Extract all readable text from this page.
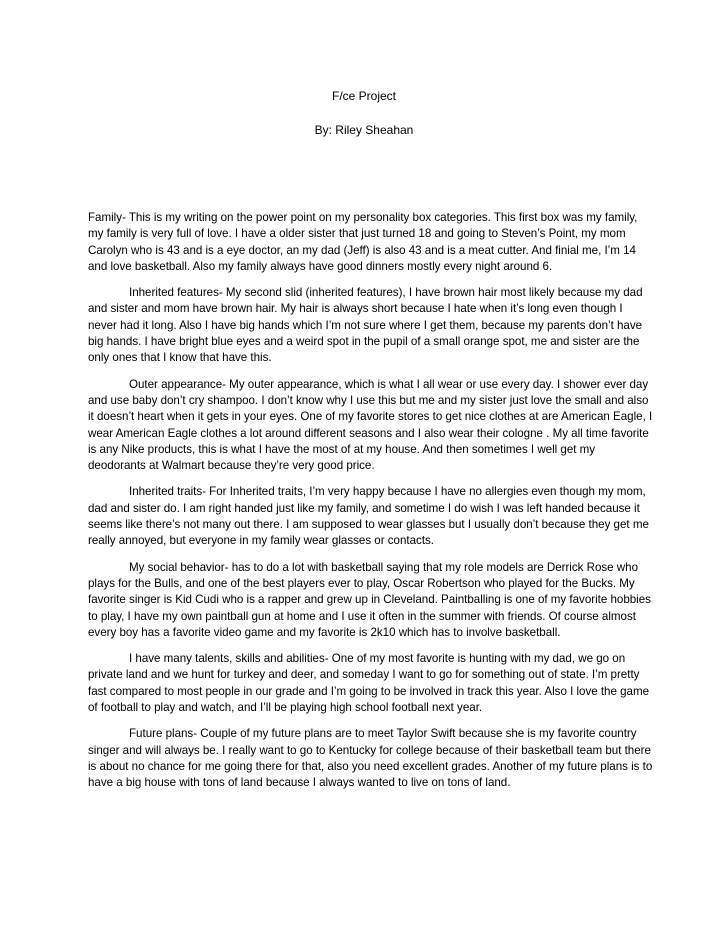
F/ce Project
By: Riley Sheahan

Family- This is my writing on the power point on my personality box categories. This first box was my family, my family is very full of love. I have a older sister that just turned 18 and going to Steven’s Point, my mom Carolyn who is 43 and is a eye doctor, an my dad (Jeff) is also 43 and is a meat cutter. And finial me, I’m 14 and love basketball. Also my family always have good dinners mostly every night around 6.

Inherited features- My second slid (inherited features), I have brown hair most likely because my dad and sister and mom have brown hair. My hair is always short because I hate when it’s long even though I never had it long. Also I have big hands which I’m not sure where I get them, because my parents don’t have big hands. I have bright blue eyes and a weird spot in the pupil of a small orange spot, me and sister are the only ones that I know that have this.

Outer appearance- My outer appearance, which is what I all wear or use every day. I shower ever day and use baby don’t cry shampoo. I don’t know why I use this but me and my sister just love the small and also it doesn’t heart when it gets in your eyes. One of my favorite stores to get nice clothes at are American Eagle, I wear American Eagle clothes a lot around different seasons and I also wear their cologne . My all time favorite is any Nike products, this is what I have the most of at my house. And then sometimes I well get my deodorants at Walmart because they’re very good price.

Inherited traits- For Inherited traits, I’m very happy because I have no allergies even though my mom, dad and sister do. I am right handed just like my family, and sometime I do wish I was left handed because it seems like there’s not many out there. I am supposed to wear glasses but I usually don’t because they get me really annoyed, but everyone in my family wear glasses or contacts.

My social behavior- has to do a lot with basketball saying that my role models are Derrick Rose who plays for the Bulls, and one of the best players ever to play, Oscar Robertson who played for the Bucks. My favorite singer is Kid Cudi who is a rapper and grew up in Cleveland. Paintballing is one of my favorite hobbies to play, I have my own paintball gun at home and I use it often in the summer with friends. Of course almost every boy has a favorite video game and my favorite is 2k10 which has to involve basketball.

I have many talents, skills and abilities- One of my most favorite is hunting with my dad, we go on private land and we hunt for turkey and deer, and someday I want to go for something out of state. I’m pretty fast compared to most people in our grade and I’m going to be involved in track this year. Also I love the game of football to play and watch, and I’ll be playing high school football next year.

Future plans- Couple of my future plans are to meet Taylor Swift because she is my favorite country singer and will always be. I really want to go to Kentucky for college because of their basketball team but there is about no chance for me going there for that, also you need excellent grades. Another of my future plans is to have a big house with tons of land because I always wanted to live on tons of land.
